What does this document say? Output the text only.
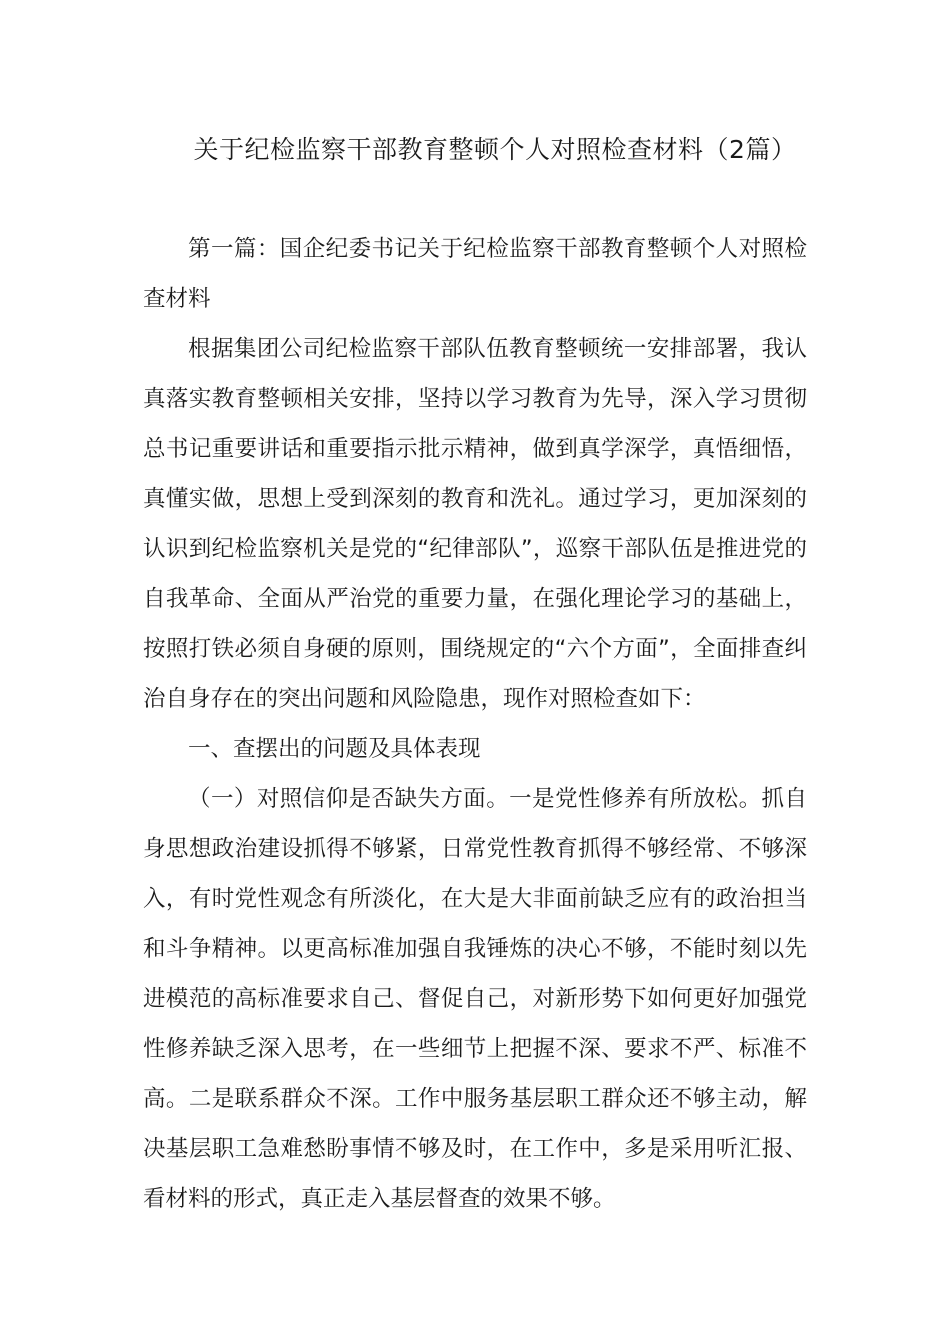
关于纪检监察干部教育整顿个人对照检查材料（2篇）

第一篇：国企纪委书记关于纪检监察干部教育整顿个人对照检查材料

根据集团公司纪检监察干部队伍教育整顿统一安排部署，我认真落实教育整顿相关安排，坚持以学习教育为先导，深入学习贯彻总书记重要讲话和重要指示批示精神，做到真学深学，真悟细悟，真懂实做，思想上受到深刻的教育和洗礼。通过学习，更加深刻的认识到纪检监察机关是党的“纪律部队”，巡察干部队伍是推进党的自我革命、全面从严治党的重要力量，在强化理论学习的基础上，按照打铁必须自身硬的原则，围绕规定的“六个方面”，全面排查纠治自身存在的突出问题和风险隐患，现作对照检查如下：

一、查摆出的问题及具体表现

（一）对照信仰是否缺失方面。一是党性修养有所放松。抓自身思想政治建设抓得不够紧，日常党性教育抓得不够经常、不够深入，有时党性观念有所淡化，在大是大非面前缺乏应有的政治担当和斗争精神。以更高标准加强自我锤炼的决心不够，不能时刻以先进模范的高标准要求自己、督促自己，对新形势下如何更好加强党性修养缺乏深入思考，在一些细节上把握不深、要求不严、标准不高。二是联系群众不深。工作中服务基层职工群众还不够主动，解决基层职工急难愁盼事情不够及时，在工作中，多是采用听汇报、看材料的形式，真正走入基层督查的效果不够。
